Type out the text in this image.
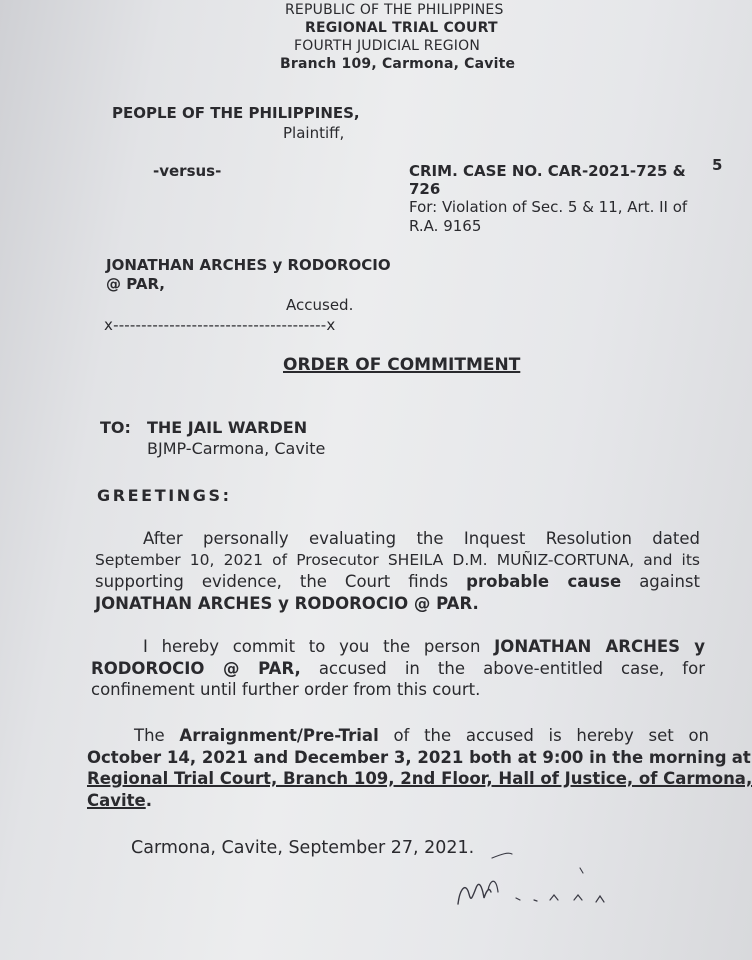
REPUBLIC OF THE PHILIPPINES
REGIONAL TRIAL COURT
FOURTH JUDICIAL REGION
Branch 109, Carmona, Cavite
PEOPLE OF THE PHILIPPINES,
Plaintiff,
-versus-	CRIM. CASE NO. CAR-2021-725 & 5
726
For: Violation of Sec. 5 & 11, Art. II of
R.A. 9165
JONATHAN ARCHES y RODOROCIO
@ PAR,
Accused.
x--------------------------------------x
ORDER OF COMMITMENT
TO: THE JAIL WARDEN
BJMP-Carmona, Cavite
GREETINGS:
After personally evaluating the Inquest Resolution dated
September 10, 2021 of Prosecutor SHEILA D.M. MUÑIZ-CORTUNA, and its
supporting evidence, the Court finds probable cause against
JONATHAN ARCHES y RODOROCIO @ PAR.
I hereby commit to you the person JONATHAN ARCHES y
RODOROCIO @ PAR, accused in the above-entitled case, for
confinement until further order from this court.
The Arraignment/Pre-Trial of the accused is hereby set on
October 14, 2021 and December 3, 2021 both at 9:00 in the morning at
Regional Trial Court, Branch 109, 2nd Floor, Hall of Justice, of Carmona,
Cavite.
Carmona, Cavite, September 27, 2021.
